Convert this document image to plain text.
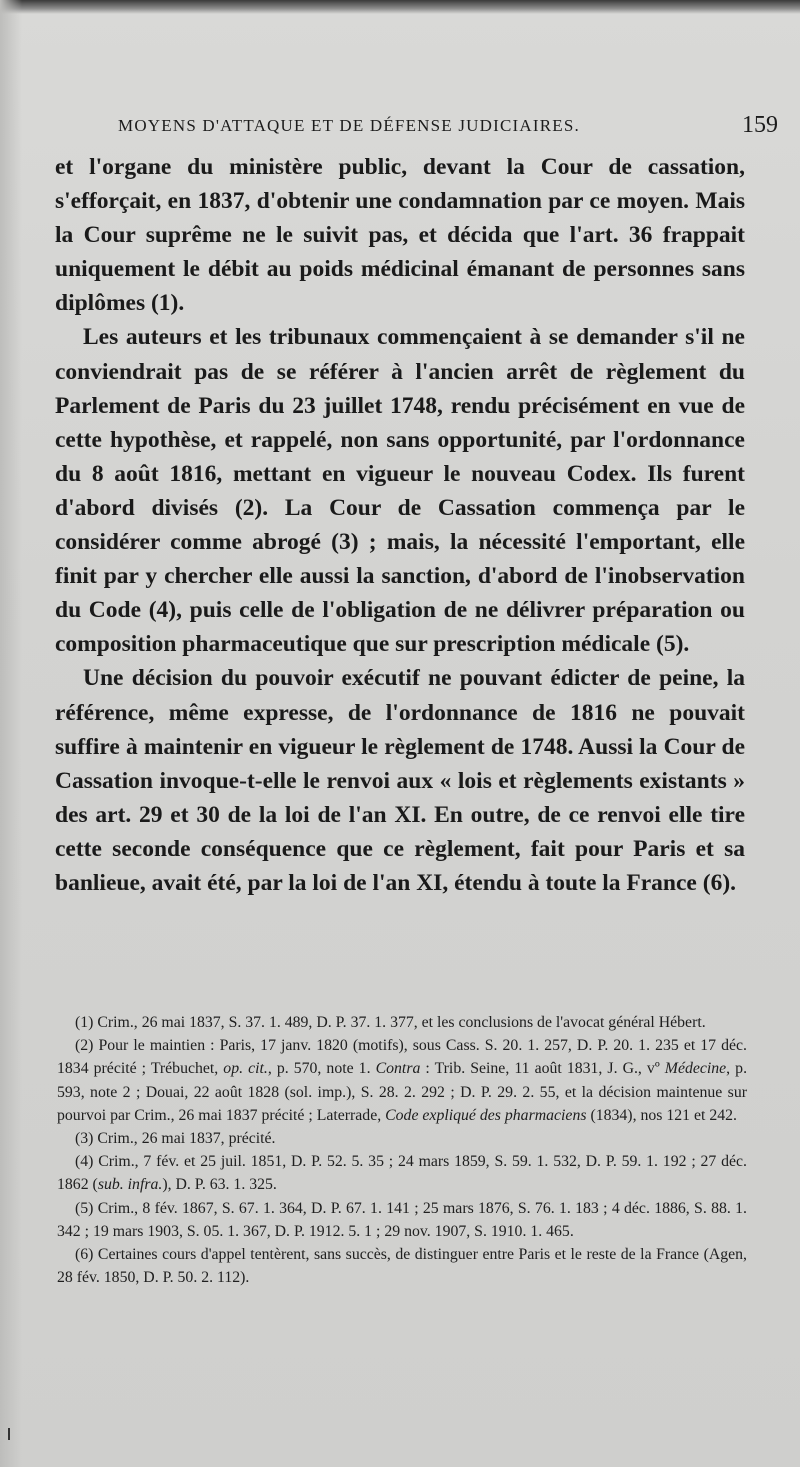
MOYENS D'ATTAQUE ET DE DÉFENSE JUDICIAIRES.	159

et l'organe du ministère public, devant la Cour de cassation, s'efforçait, en 1837, d'obtenir une condamnation par ce moyen. Mais la Cour suprême ne le suivit pas, et décida que l'art. 36 frappait uniquement le débit au poids médicinal émanant de personnes sans diplômes (1).

Les auteurs et les tribunaux commençaient à se demander s'il ne conviendrait pas de se référer à l'ancien arrêt de règlement du Parlement de Paris du 23 juillet 1748, rendu précisément en vue de cette hypothèse, et rappelé, non sans opportunité, par l'ordonnance du 8 août 1816, mettant en vigueur le nouveau Codex. Ils furent d'abord divisés (2). La Cour de Cassation commença par le considérer comme abrogé (3) ; mais, la nécessité l'emportant, elle finit par y chercher elle aussi la sanction, d'abord de l'inobservation du Code (4), puis celle de l'obligation de ne délivrer préparation ou composition pharmaceutique que sur prescription médicale (5).

Une décision du pouvoir exécutif ne pouvant édicter de peine, la référence, même expresse, de l'ordonnance de 1816 ne pouvait suffire à maintenir en vigueur le règlement de 1748. Aussi la Cour de Cassation invoque-t-elle le renvoi aux « lois et règlements existants » des art. 29 et 30 de la loi de l'an XI. En outre, de ce renvoi elle tire cette seconde conséquence que ce règlement, fait pour Paris et sa banlieue, avait été, par la loi de l'an XI, étendu à toute la France (6).

(1) Crim., 26 mai 1837, S. 37. 1. 489, D. P. 37. 1. 377, et les conclusions de l'avocat général Hébert.

(2) Pour le maintien : Paris, 17 janv. 1820 (motifs), sous Cass. S. 20. 1. 257, D. P. 20. 1. 235 et 17 déc. 1834 précité ; Trébuchet, op. cit., p. 570, note 1. Contra : Trib. Seine, 11 août 1831, J. G., vº Médecine, p. 593, note 2 ; Douai, 22 août 1828 (sol. imp.), S. 28. 2. 292 ; D. P. 29. 2. 55, et la décision maintenue sur pourvoi par Crim., 26 mai 1837 précité ; Laterrade, Code expliqué des pharmaciens (1834), nos 121 et 242.

(3) Crim., 26 mai 1837, précité.

(4) Crim., 7 fév. et 25 juil. 1851, D. P. 52. 5. 35 ; 24 mars 1859, S. 59. 1. 532, D. P. 59. 1. 192 ; 27 déc. 1862 (sub. infra.), D. P. 63. 1. 325.

(5) Crim., 8 fév. 1867, S. 67. 1. 364, D. P. 67. 1. 141 ; 25 mars 1876, S. 76. 1. 183 ; 4 déc. 1886, S. 88. 1. 342 ; 19 mars 1903, S. 05. 1. 367, D. P. 1912. 5. 1 ; 29 nov. 1907, S. 1910. 1. 465.

(6) Certaines cours d'appel tentèrent, sans succès, de distinguer entre Paris et le reste de la France (Agen, 28 fév. 1850, D. P. 50. 2. 112).
